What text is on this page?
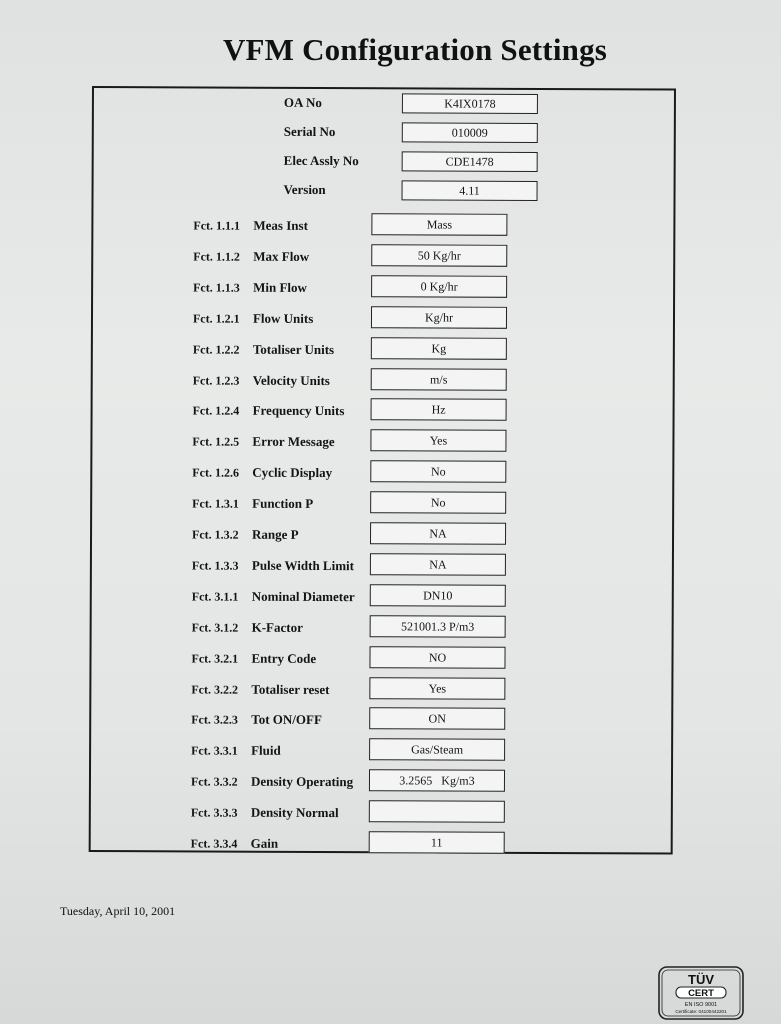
VFM Configuration Settings
OA No	K4IX0178
Serial No	010009
Elec Assly No	CDE1478
Version	4.11
Fct. 1.1.1 Meas Inst	Mass
Fct. 1.1.2 Max Flow	50 Kg/hr
Fct. 1.1.3 Min Flow	0 Kg/hr
Fct. 1.2.1 Flow Units	Kg/hr
Fct. 1.2.2 Totaliser Units	Kg
Fct. 1.2.3 Velocity Units	m/s
Fct. 1.2.4 Frequency Units	Hz
Fct. 1.2.5 Error Message	Yes
Fct. 1.2.6 Cyclic Display	No
Fct. 1.3.1 Function P	No
Fct. 1.3.2 Range P	NA
Fct. 1.3.3 Pulse Width Limit	NA
Fct. 3.1.1 Nominal Diameter	DN10
Fct. 3.1.2 K-Factor	521001.3 P/m3
Fct. 3.2.1 Entry Code	NO
Fct. 3.2.2 Totaliser reset	Yes
Fct. 3.2.3 Tot ON/OFF	ON
Fct. 3.3.1 Fluid	Gas/Steam
Fct. 3.3.2 Density Operating	3.2565   Kg/m3
Fct. 3.3.3 Density Normal
Fct. 3.3.4 Gain	11
Tuesday, April 10, 2001
TÜV
CERT
EN ISO 9001
Certificate: 04100442201
